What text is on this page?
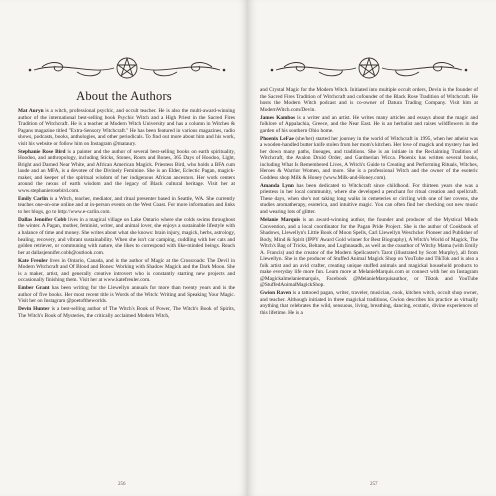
About the Authors

Mat Auryn is a witch, professional psychic, and occult teacher. He is also the multi-award-winning author of the international best-selling book Psychic Witch and a High Priest in the Sacred Fires Tradition of Witchcraft. He is a teacher at Modern Witch University and has a column in Witches & Pagans magazine titled "Extra-Sensory Witchcraft." He has been featured in various magazines, radio shows, podcasts, books, anthologies, and other periodicals. To find out more about him and his work, visit his website or follow him on Instagram @mataury.

Stephanie Rose Bird is a painter and the author of several best-selling books on earth spirituality, Hoodoo, and anthropology, including Sticks, Stones, Roots and Bones, 365 Days of Hoodoo, Light, Bright and Darned Near White, and African American Magick. Priestess Bird, who holds a BFA cum laude and an MFA, is a devotee of the Divinely Feminine. She is an Elder, Eclectic Pagan, magick-maker, and keeper of the spiritual wisdom of her indigenous African ancestors. Her work centers around the nexus of earth wisdom and the legacy of Black cultural heritage. Visit her at www.stephanierosebird.com.

Emily Carlin is a Witch, teacher, mediator, and ritual presenter based in Seattle, WA. She currently teaches one-on-one online and at in-person events on the West Coast. For more information and links to her blogs, go to http://www.e-carlin.com.

Dallas Jennifer Cobb lives in a magical village on Lake Ontario where she colds swims throughout the winter. A Pagan, mother, feminist, writer, and animal lover, she enjoys a sustainable lifestyle with a balance of time and money. She writes about what she knows: brain injury, magick, herbs, astrology, healing, recovery, and vibrant sustainability. When she isn't car camping, cuddling with her cats and golden retriever, or communing with nature, she likes to correspond with like-minded beings. Reach her at dallasjennifer.cobb@outlook.com.

Kate Freuler lives in Ontario, Canada, and is the author of Magic at the Crossroads: The Devil in Modern Witchcraft and Of Blood and Bones: Working with Shadow Magick and the Dark Moon. She is a maker, artist, and generally creative introvert who is constantly starting new projects and occasionally finishing them. Visit her at www.katefreuler.com.

Ember Grant has been writing for the Llewellyn annuals for more than twenty years and is the author of five books. Her most recent title is Words of the Witch: Writing and Speaking Your Magic. Visit her on Instagram @poetoftheworlds.

Devin Hunter is a best-selling author of The Witch's Book of Power, The Witch's Book of Spirits, The Witch's Book of Mysteries, the critically acclaimed Modern Witch,

256

and Crystal Magic for the Modern Witch. Initiated into multiple occult orders, Devin is the founder of the Sacred Fires Tradition of Witchcraft and cofounder of the Black Rose Tradition of Witchcraft. He hosts the Modern Witch podcast and is co-owner of Datura Trading Company. Visit him at ModernWitch.com/Devin.

James Kambos is a writer and an artist. He writes many articles and essays about the magic and folklore of Appalachia, Greece, and the Near East. He is an herbalist and raises wildflowers in the garden of his southern Ohio home.

Phoenix LeFae (she/her) started her journey in the world of Witchcraft in 1995, when her atheist was a wooden-handled butter knife stolen from her mom's kitchen. Her love of magick and mystery has led her down many paths, lineages, and traditions. She is an initiate in the Reclaiming Tradition of Witchcraft, the Avalon Druid Order, and Gardnerian Wicca. Phoenix has written several books, including What Is Remembered Lives, A Witch's Guide to Creating and Performing Rituals, Witches, Heroes & Warrior Women, and more. She is a professional Witch and the owner of the esoteric Goddess shop Milk & Honey (www.Milk-and-Honey.com).

Amanda Lynn has been dedicated to Witchcraft since childhood. For thirteen years she was a priestess in her local community, where she developed a penchant for ritual creation and spellcraft. These days, when she's not taking long walks in cemeteries or circling with one of her covens, she studies aromatherapy, esoterica, and intuitive magic. You can often find her checking out new music and wearing lots of glitter.

Melanie Marquis is an award-winning author, the founder and producer of the Mystical Minds Convention, and a local coordinator for the Pagan Pride Project. She is the author of Cookbook of Shadows, Llewellyn's Little Book of Moon Spells, Carl Llewellyn Weschcke: Pioneer and Publisher of Body, Mind & Spirit (IPPY Award Gold winner for Best Biography), A Witch's World of Magick, The Witch's Bag of Tricks, Beltane, and Lughnasadh, as well as the coauthor of Witchy Mama (with Emily A. Francis) and the creator of the Modern Spellcaster's Tarot (illustrated by Scott Murphy), all from Llewellyn. She is the producer of Stuffed Animal Magick Shop on YouTube and TikTok and is also a folk artist and an avid crafter, creating unique stuffed animals and magickal household products to make everyday life more fun. Learn more at MelanieMarquis.com or connect with her on Instagram @Magickalmelaniemarquis, Facebook @MelanieMarquisauthor, or Tiktok and YouTube @StuffedAnimalMagickShop.

Gwion Raven is a tattooed pagan, writer, traveler, musician, cook, kitchen witch, occult shop owner, and teacher. Although initiated in three magickal traditions, Gwion describes his practice as virtually anything that celebrates the wild, sensuous, living, breathing, dancing, ecstatic, divine experiences of this lifetime. He is a

257
